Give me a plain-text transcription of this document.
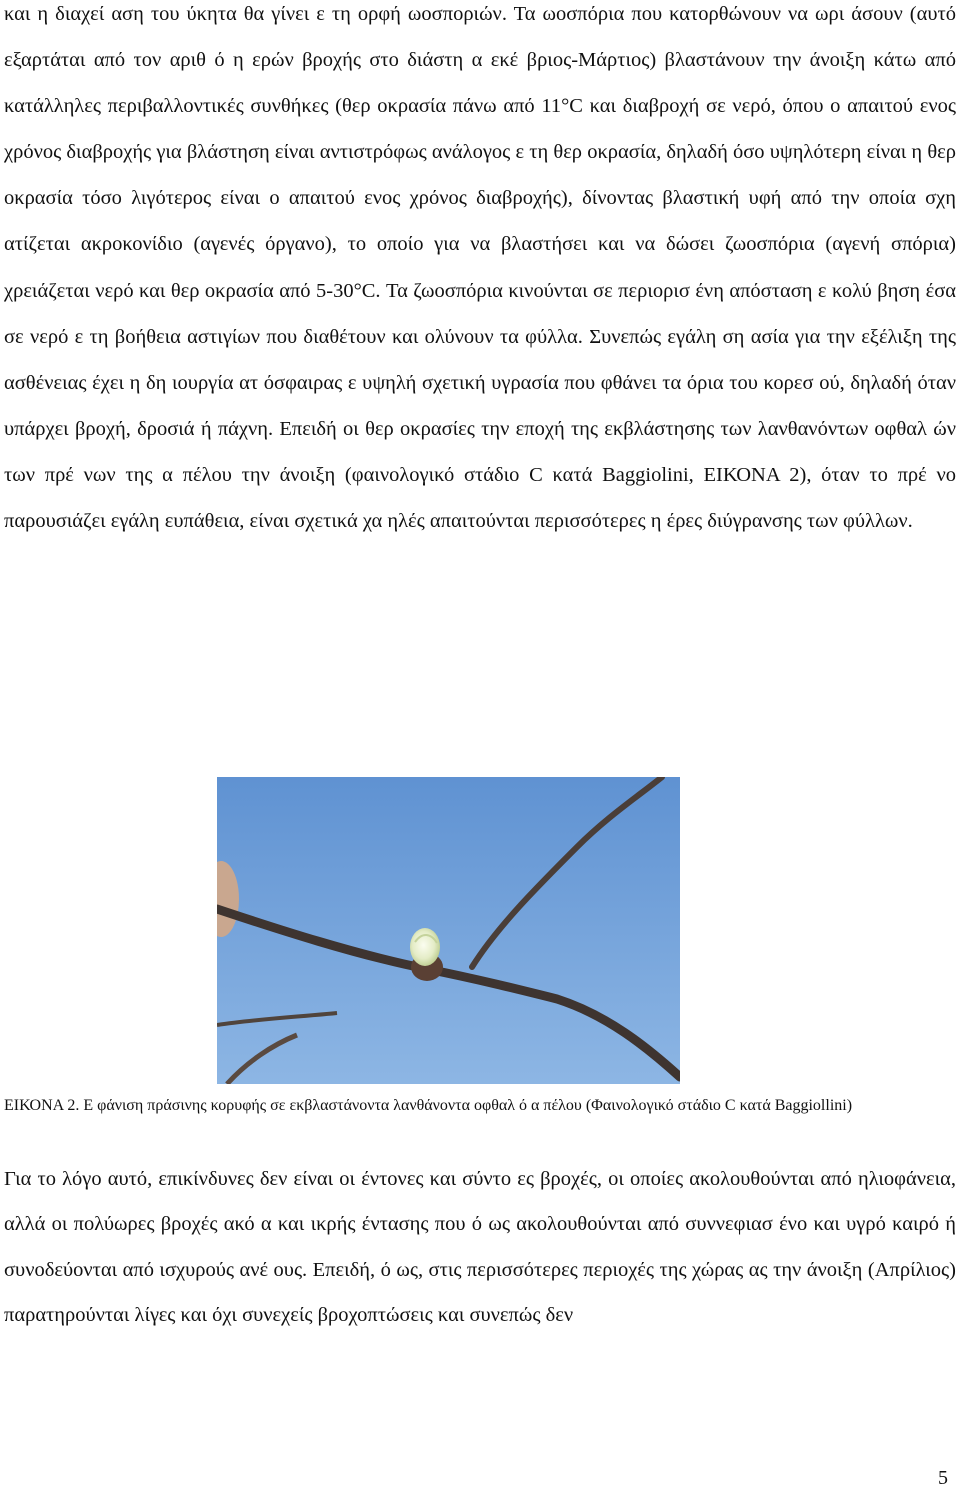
και η διαχεί αση του ύκητα θα γίνει ε τη ορφή ωοσποριών. Τα ωοσπόρια που κατορθώνουν να ωρι άσουν (αυτό εξαρτάται από τον αριθ ό η ερών βροχής στο διάστη α εκέ βριος-Μάρτιος) βλαστάνουν την άνοιξη κάτω από κατάλληλες περιβαλλοντικές συνθήκες (θερ οκρασία πάνω από 11°C και διαβροχή σε νερό, όπου ο απαιτού ενος χρόνος διαβροχής για βλάστηση είναι αντιστρόφως ανάλογος ε τη θερ οκρασία, δηλαδή όσο υψηλότερη είναι η θερ οκρασία τόσο λιγότερος είναι ο απαιτού ενος χρόνος διαβροχής), δίνοντας βλαστική υφή από την οποία σχη ατίζεται ακροκονίδιο (αγενές όργανο), το οποίο για να βλαστήσει και να δώσει ζωοσπόρια (αγενή σπόρια) χρειάζεται νερό και θερ οκρασία από 5-30°C. Τα ζωοσπόρια κινούνται σε περιορισ ένη απόσταση ε κολύ βηση έσα σε νερό ε τη βοήθεια αστιγίων που διαθέτουν και ολύνουν τα φύλλα. Συνεπώς εγάλη ση ασία για την εξέλιξη της ασθένειας έχει η δη ιουργία ατ όσφαιρας ε υψηλή σχετική υγρασία που φθάνει τα όρια του κορεσ ού, δηλαδή όταν υπάρχει βροχή, δροσιά ή πάχνη. Επειδή οι θερ οκρασίες την εποχή της εκβλάστησης των λανθανόντων οφθαλ ών των πρέ νων της α πέλου την άνοιξη (φαινολογικό στάδιο C κατά Baggiolini, ΕΙΚΟΝΑ 2), όταν το πρέ νο παρουσιάζει εγάλη ευπάθεια, είναι σχετικά χα ηλές απαιτούνται περισσότερες η έρες διύγρανσης των φύλλων.

ΕΙΚΟΝΑ 2. Ε φάνιση πράσινης κορυφής σε εκβλαστάνοντα λανθάνοντα οφθαλ ό α πέλου (Φαινολογικό στάδιο C κατά Baggiollini)

Για το λόγο αυτό, επικίνδυνες δεν είναι οι έντονες και σύντο ες βροχές, οι οποίες ακολουθούνται από ηλιοφάνεια, αλλά οι πολύωρες βροχές ακό α και ικρής έντασης που ό ως ακολουθούνται από συννεφιασ ένο και υγρό καιρό ή συνοδεύονται από ισχυρούς ανέ ους. Επειδή, ό ως, στις περισσότερες περιοχές της χώρας ας την άνοιξη (Απρίλιος) παρατηρούνται λίγες και όχι συνεχείς βροχοπτώσεις και συνεπώς δεν

5
